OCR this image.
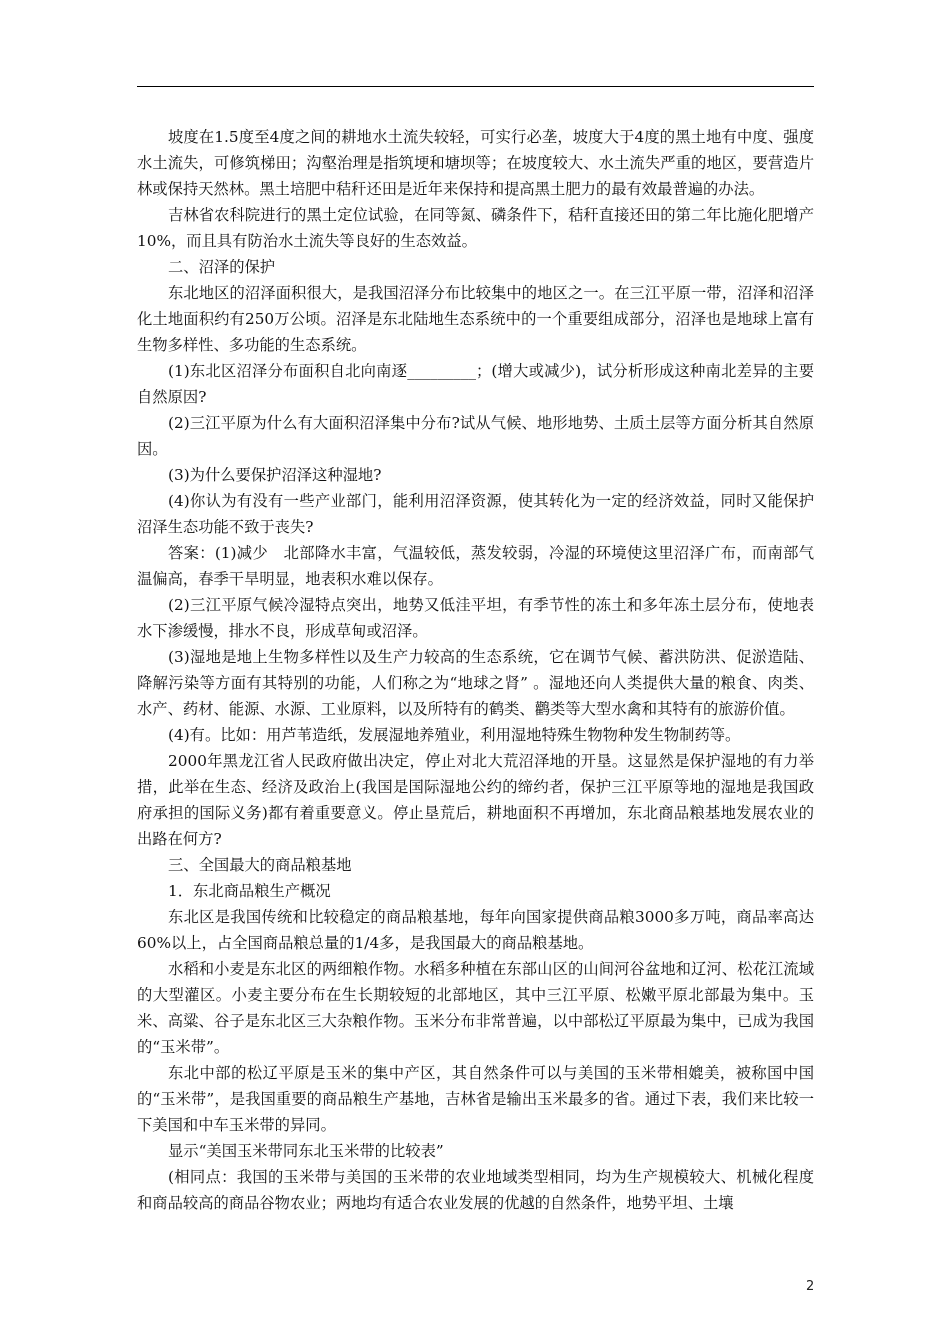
坡度在1.5度至4度之间的耕地水土流失较轻，可实行必垄，坡度大于4度的黑土地有中度、强度水土流失，可修筑梯田；沟壑治理是指筑埂和塘坝等；在坡度较大、水土流失严重的地区，要营造片林或保持天然林。黑土培肥中秸秆还田是近年来保持和提高黑土肥力的最有效最普遍的办法。

吉林省农科院进行的黑土定位试验，在同等氮、磷条件下，秸秆直接还田的第二年比施化肥增产10%，而且具有防治水土流失等良好的生态效益。

二、沼泽的保护

东北地区的沼泽面积很大，是我国沼泽分布比较集中的地区之一。在三江平原一带，沼泽和沼泽化土地面积约有250万公顷。沼泽是东北陆地生态系统中的一个重要组成部分，沼泽也是地球上富有生物多样性、多功能的生态系统。

(1)东北区沼泽分布面积自北向南逐_________；(增大或减少)，试分析形成这种南北差异的主要自然原因?

(2)三江平原为什么有大面积沼泽集中分布?试从气候、地形地势、土质土层等方面分析其自然原因。

(3)为什么要保护沼泽这种湿地?

(4)你认为有没有一些产业部门，能利用沼泽资源，使其转化为一定的经济效益，同时又能保护沼泽生态功能不致于丧失?

答案：(1)减少　北部降水丰富，气温较低，蒸发较弱，冷湿的环境使这里沼泽广布，而南部气温偏高，春季干旱明显，地表积水难以保存。

(2)三江平原气候冷湿特点突出，地势又低洼平坦，有季节性的冻土和多年冻土层分布，使地表水下渗缓慢，排水不良，形成草甸或沼泽。

(3)湿地是地上生物多样性以及生产力较高的生态系统，它在调节气候、蓄洪防洪、促淤造陆、降解污染等方面有其特别的功能，人们称之为“地球之肾” 。湿地还向人类提供大量的粮食、肉类、水产、药材、能源、水源、工业原料，以及所特有的鹤类、鹳类等大型水禽和其特有的旅游价值。

(4)有。比如：用芦苇造纸，发展湿地养殖业，利用湿地特殊生物物种发生物制药等。

2000年黑龙江省人民政府做出决定，停止对北大荒沼泽地的开垦。这显然是保护湿地的有力举措，此举在生态、经济及政治上(我国是国际湿地公约的缔约者，保护三江平原等地的湿地是我国政府承担的国际义务)都有着重要意义。停止垦荒后，耕地面积不再增加，东北商品粮基地发展农业的出路在何方?

三、全国最大的商品粮基地

1．东北商品粮生产概况

东北区是我国传统和比较稳定的商品粮基地，每年向国家提供商品粮3000多万吨，商品率高达60%以上，占全国商品粮总量的1/4多，是我国最大的商品粮基地。

水稻和小麦是东北区的两细粮作物。水稻多种植在东部山区的山间河谷盆地和辽河、松花江流域的大型灌区。小麦主要分布在生长期较短的北部地区，其中三江平原、松嫩平原北部最为集中。玉米、高粱、谷子是东北区三大杂粮作物。玉米分布非常普遍，以中部松辽平原最为集中，已成为我国的“玉米带”。

东北中部的松辽平原是玉米的集中产区，其自然条件可以与美国的玉米带相媲美，被称国中国的“玉米带”，是我国重要的商品粮生产基地，吉林省是输出玉米最多的省。通过下表，我们来比较一下美国和中车玉米带的异同。

显示“美国玉米带同东北玉米带的比较表”

(相同点：我国的玉米带与美国的玉米带的农业地域类型相同，均为生产规模较大、机械化程度和商品较高的商品谷物农业；两地均有适合农业发展的优越的自然条件，地势平坦、土壤

2
